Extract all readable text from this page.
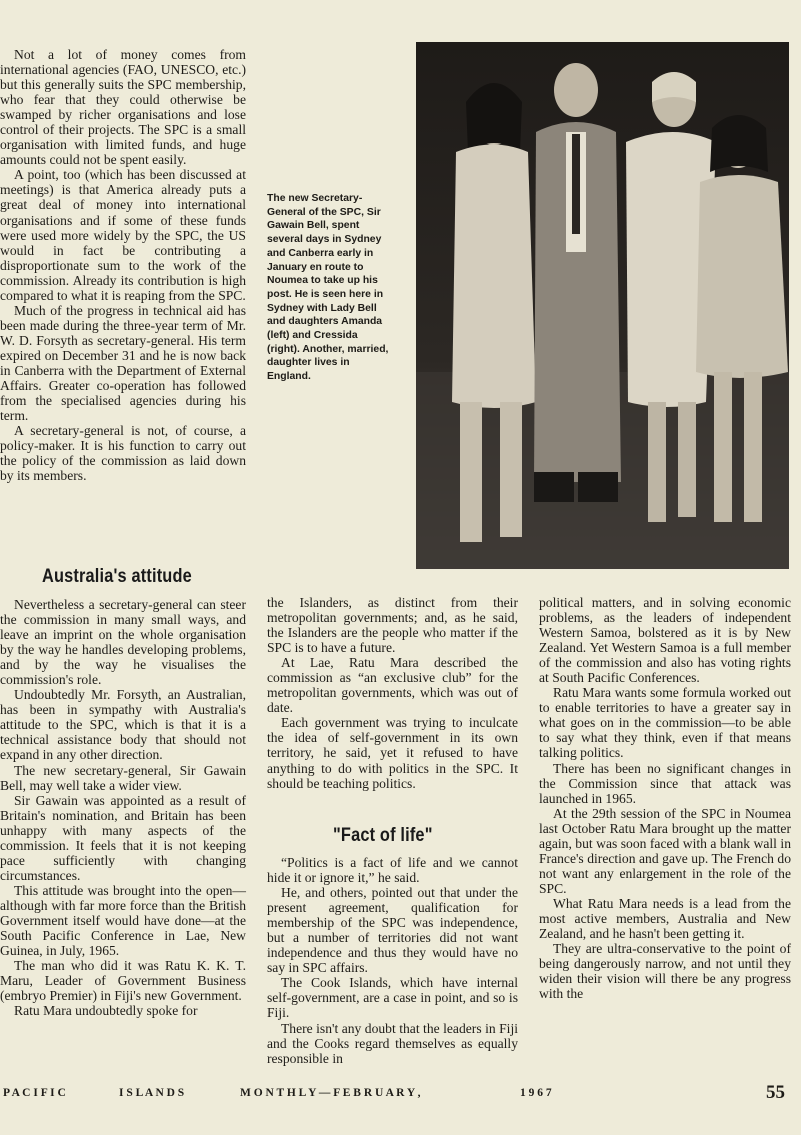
Not a lot of money comes from international agencies (FAO, UNESCO, etc.) but this generally suits the SPC membership, who fear that they could otherwise be swamped by richer organisations and lose control of their projects. The SPC is a small organisation with limited funds, and huge amounts could not be spent easily.

A point, too (which has been discussed at meetings) is that America already puts a great deal of money into international organisations and if some of these funds were used more widely by the SPC, the US would in fact be contributing a disproportionate sum to the work of the commission. Already its contribution is high compared to what it is reaping from the SPC.

Much of the progress in technical aid has been made during the three-year term of Mr. W. D. Forsyth as secretary-general. His term expired on December 31 and he is now back in Canberra with the Department of External Affairs. Greater co-operation has followed from the specialised agencies during his term.

A secretary-general is not, of course, a policy-maker. It is his function to carry out the policy of the commission as laid down by its members.

The new Secretary-General of the SPC, Sir Gawain Bell, spent several days in Sydney and Canberra early in January en route to Noumea to take up his post. He is seen here in Sydney with Lady Bell and daughters Amanda (left) and Cressida (right). Another, married, daughter lives in England.

Australia's attitude

Nevertheless a secretary-general can steer the commission in many small ways, and leave an imprint on the whole organisation by the way he handles developing problems, and by the way he visualises the commission's role.

Undoubtedly Mr. Forsyth, an Australian, has been in sympathy with Australia's attitude to the SPC, which is that it is a technical assistance body that should not expand in any other direction.

The new secretary-general, Sir Gawain Bell, may well take a wider view.

Sir Gawain was appointed as a result of Britain's nomination, and Britain has been unhappy with many aspects of the commission. It feels that it is not keeping pace sufficiently with changing circumstances.

This attitude was brought into the open—although with far more force than the British Government itself would have done—at the South Pacific Conference in Lae, New Guinea, in July, 1965.

The man who did it was Ratu K. K. T. Maru, Leader of Government Business (embryo Premier) in Fiji's new Government.

Ratu Mara undoubtedly spoke for

the Islanders, as distinct from their metropolitan governments; and, as he said, the Islanders are the people who matter if the SPC is to have a future.

At Lae, Ratu Mara described the commission as “an exclusive club” for the metropolitan governments, which was out of date.

Each government was trying to inculcate the idea of self-government in its own territory, he said, yet it refused to have anything to do with politics in the SPC. It should be teaching politics.

"Fact of life"

“Politics is a fact of life and we cannot hide it or ignore it,” he said.

He, and others, pointed out that under the present agreement, qualification for membership of the SPC was independence, but a number of territories did not want independence and thus they would have no say in SPC affairs.

The Cook Islands, which have internal self-government, are a case in point, and so is Fiji.

There isn't any doubt that the leaders in Fiji and the Cooks regard themselves as equally responsible in

political matters, and in solving economic problems, as the leaders of independent Western Samoa, bolstered as it is by New Zealand. Yet Western Samoa is a full member of the commission and also has voting rights at South Pacific Conferences.

Ratu Mara wants some formula worked out to enable territories to have a greater say in what goes on in the commission—to be able to say what they think, even if that means talking politics.

There has been no significant changes in the Commission since that attack was launched in 1965.

At the 29th session of the SPC in Noumea last October Ratu Mara brought up the matter again, but was soon faced with a blank wall in France's direction and gave up. The French do not want any enlargement in the role of the SPC.

What Ratu Mara needs is a lead from the most active members, Australia and New Zealand, and he hasn't been getting it.

They are ultra-conservative to the point of being dangerously narrow, and not until they widen their vision will there be any progress with the

P A C I F I C	I S L A N D S	M O N T H L Y — F E B R U A R Y ,	1 9 6 7	55
